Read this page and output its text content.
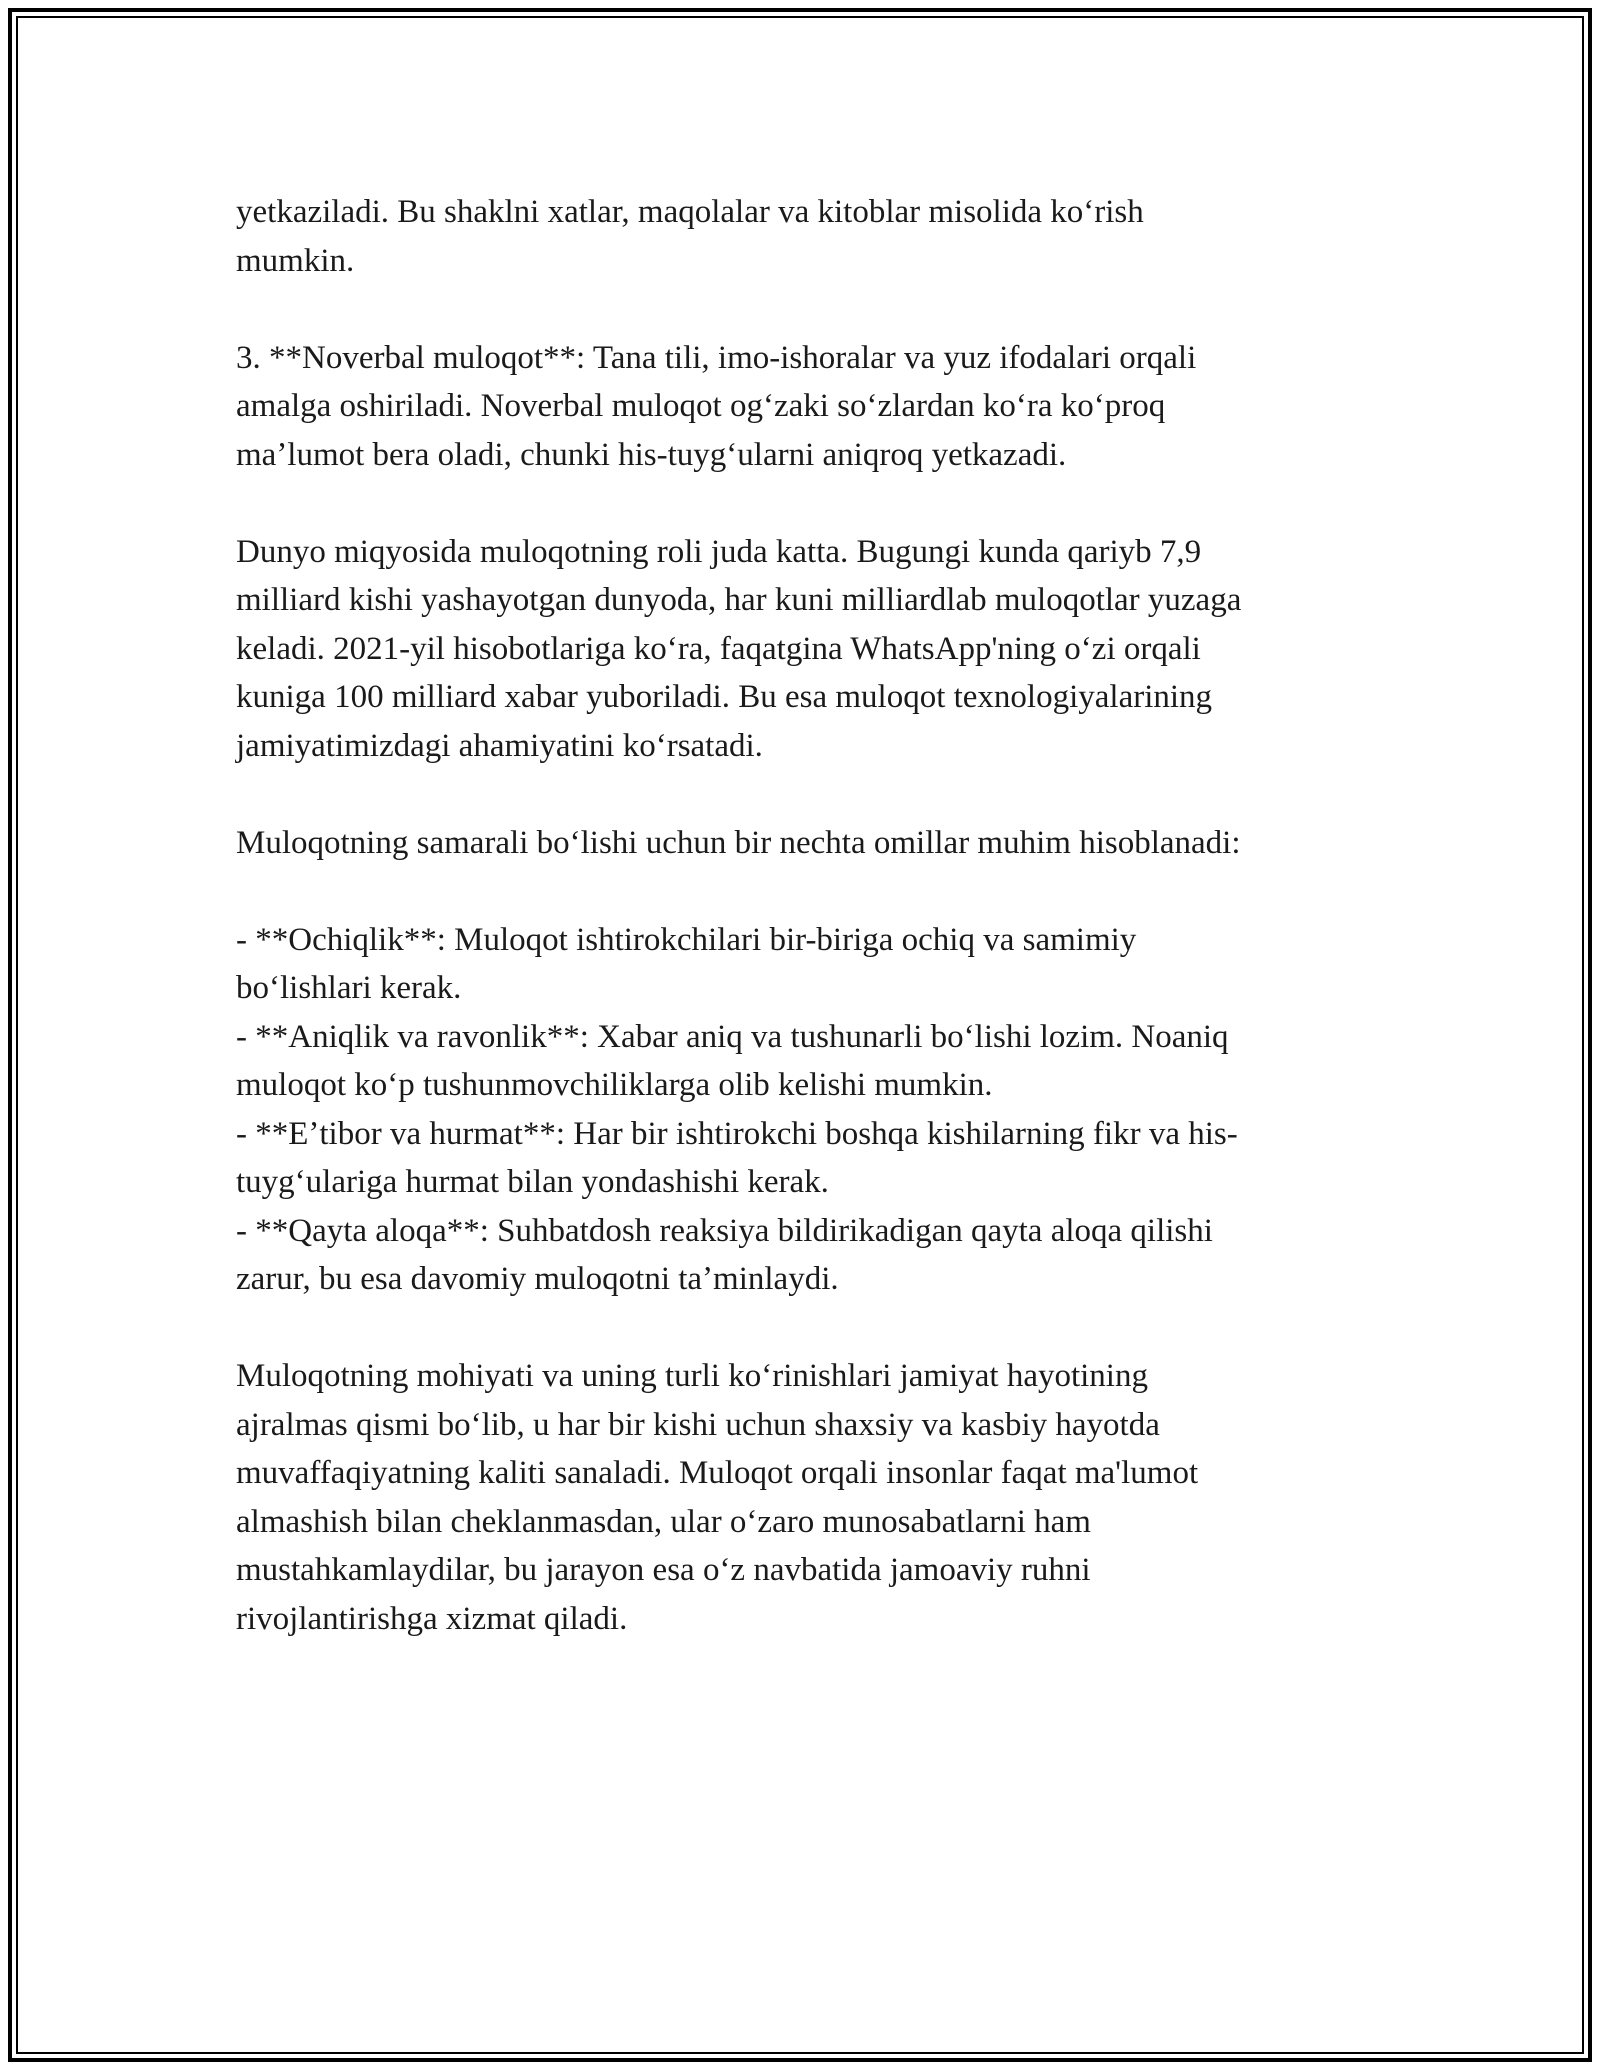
yetkaziladi. Bu shaklni xatlar, maqolalar va kitoblar misolida koʻrish

mumkin.

3. **Noverbal muloqot**: Tana tili, imo-ishoralar va yuz ifodalari orqali

amalga oshiriladi. Noverbal muloqot ogʻzaki soʻzlardan koʻra koʻproq

maʼlumot bera oladi, chunki his-tuygʻularni aniqroq yetkazadi.

Dunyo miqyosida muloqotning roli juda katta. Bugungi kunda qariyb 7,9

milliard kishi yashayotgan dunyoda, har kuni milliardlab muloqotlar yuzaga

keladi. 2021-yil hisobotlariga koʻra, faqatgina WhatsApp'ning oʻzi orqali

kuniga 100 milliard xabar yuboriladi. Bu esa muloqot texnologiyalarining

jamiyatimizdagi ahamiyatini koʻrsatadi.

Muloqotning samarali boʻlishi uchun bir nechta omillar muhim hisoblanadi:

- **Ochiqlik**: Muloqot ishtirokchilari bir-biriga ochiq va samimiy

boʻlishlari kerak.

- **Aniqlik va ravonlik**: Xabar aniq va tushunarli boʻlishi lozim. Noaniq

muloqot koʻp tushunmovchiliklarga olib kelishi mumkin.

- **Eʼtibor va hurmat**: Har bir ishtirokchi boshqa kishilarning fikr va his-

tuygʻulariga hurmat bilan yondashishi kerak.

- **Qayta aloqa**: Suhbatdosh reaksiya bildirikadigan qayta aloqa qilishi

zarur, bu esa davomiy muloqotni taʼminlaydi.

Muloqotning mohiyati va uning turli koʻrinishlari jamiyat hayotining

ajralmas qismi boʻlib, u har bir kishi uchun shaxsiy va kasbiy hayotda

muvaffaqiyatning kaliti sanaladi. Muloqot orqali insonlar faqat ma'lumot

almashish bilan cheklanmasdan, ular oʻzaro munosabatlarni ham

mustahkamlaydilar, bu jarayon esa oʻz navbatida jamoaviy ruhni

rivojlantirishga xizmat qiladi.
